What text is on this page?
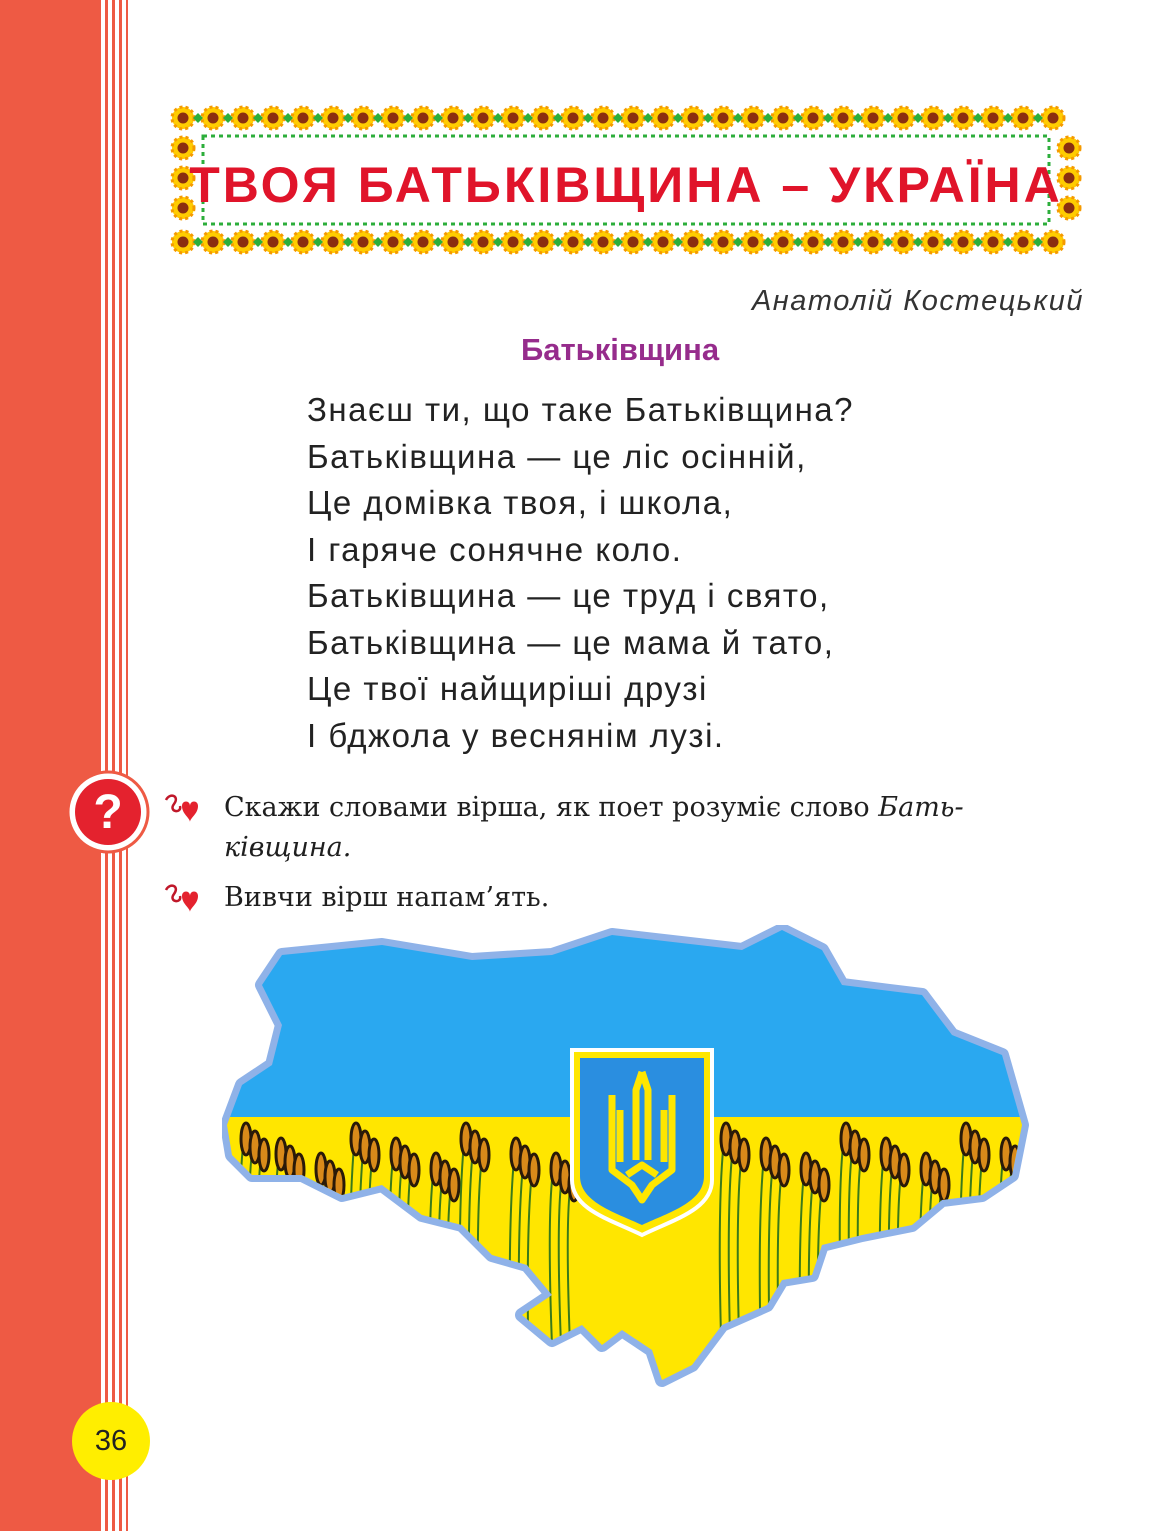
ТВОЯ БАТЬКІВЩИНА – УКРАЇНА
Анатолій Костецький
Батьківщина
Знаєш ти, що таке Батьківщина?
Батьківщина — це ліс осінній,
Це домівка твоя, і школа,
І гаряче сонячне коло.
Батьківщина — це труд і свято,
Батьківщина — це мама й тато,
Це твої найщиріші друзі
І бджола у веснянім лузі.
?	Скажи словами вірша, як поет розуміє слово Бать-
ківщина.
Вивчи вірш напам’ять.
36
